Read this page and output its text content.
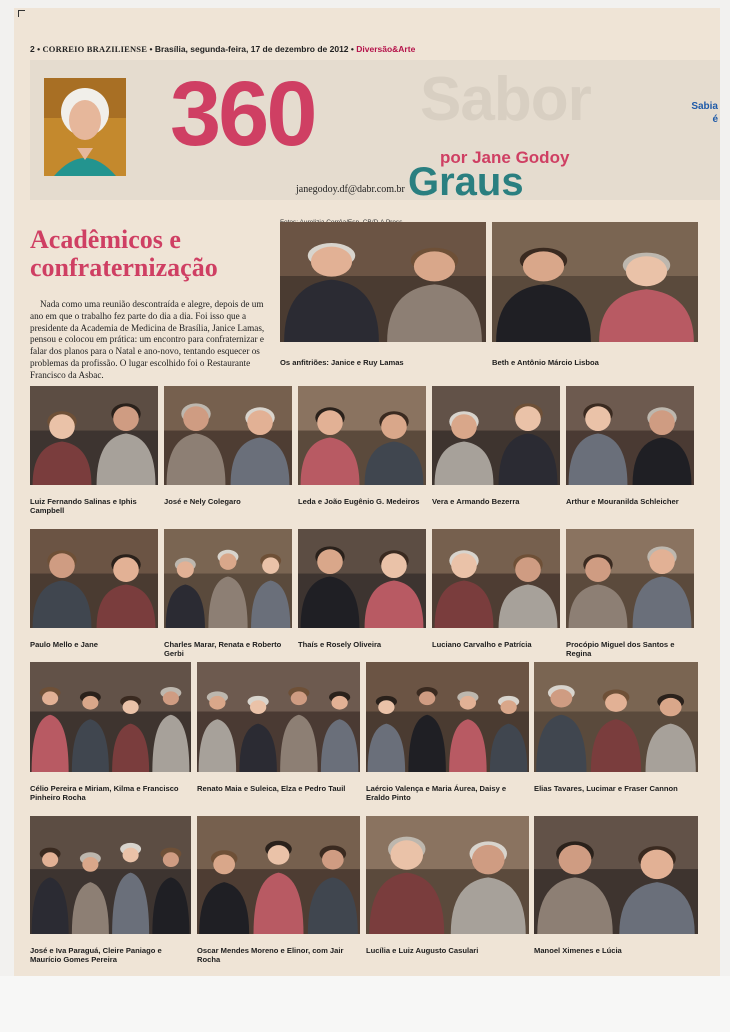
2 • CORREIO BRAZILIENSE • Brasília, segunda-feira, 17 de dezembro de 2012 • Diversão&Arte
Sabor	Sabia
é
360	por Jane Godoy
Graus
janegodoy.df@dabr.com.br
Acadêmicos e
confraternização

Nada como uma reunião descontraída e alegre, depois de um ano em que o trabalho fez parte do dia a dia. Foi isso que a presidente da Academia de Medicina de Brasília, Janice Lamas, pensou e colocou em prática: um encontro para confraternizar e falar dos planos para o Natal e ano-novo, tentando esquecer os problemas da profissão. O lugar escolhido foi o Restaurante Francisco da Asbac.

Os anfitriões: Janice e Ruy Lamas	Beth e Antônio Márcio Lisboa
Luiz Fernando Salinas e Iphis Campbell
José e Nely Colegaro	Leda e João Eugênio G. Medeiros	Vera e Armando Bezerra	Arthur e Mouranilda Schleicher
Paulo Mello e Jane	Charles Marar, Renata e Roberto Gerbi
Thaís e Rosely Oliveira	Luciano Carvalho e Patrícia	Procópio Miguel dos Santos e Regina
Célio Pereira e Miriam, Kilma e Francisco Pinheiro Rocha
Renato Maia e Suleica, Elza e Pedro Tauil	Laércio Valença e Maria Áurea, Daisy e Eraldo Pinto
Elias Tavares, Lucimar e Fraser Cannon
José e Iva Paraguá, Cleire Paniago e Maurício Gomes Pereira
Oscar Mendes Moreno e Elinor, com Jair Rocha
Lucília e Luiz Augusto Casulari	Manoel Ximenes e Lúcia
